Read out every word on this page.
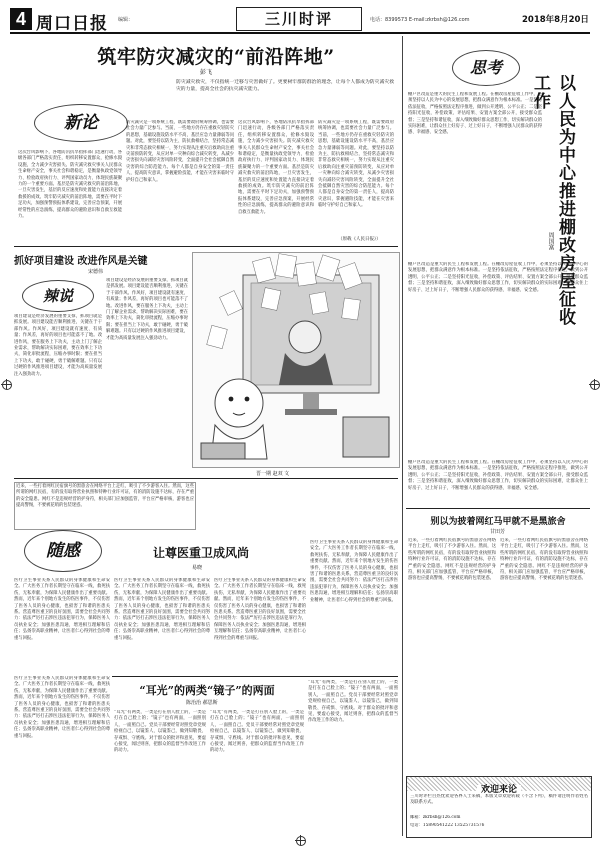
4 周口日报 编辑：	三川时评	电话：8399573 E-mail:zkrbsh@126.com	2018年8月20日
筑牢防灾减灾的“前沿阵地”
彭飞
防灾减灾救灾，不仅指统一迁移与灾害做好了。更要树牢群防群治的理念，让每个人都成为防灾减灾救灾的力量，提高全社会的抗灾减灾能力。
新论
这次台风影响下，各地防汛抗旱指挥部门迅速行动，各级各部门严格落实责任，组织转移安置群众，抢修水毁设施，全力减少灾害损失。防灾减灾救灾事关人民群众生命财产安全，事关社会和谐稳定，是衡量执政党领导力、检验政府执行力、评判国家动员力、体现民族凝聚力的一个重要方面。基层是防灾减灾救灾的前沿阵地，一旦灾害发生，基层的反应速度和处置能力直接决定着救援的成效。筑牢防灾减灾的前沿阵地，需要在平时下足功夫，加强预警预报体系建设，完善应急预案，开展经常性的应急演练，提高群众的避险意识和自救互救能力。
防灾减灾是一项系统工程，既需要政府统筹协调，也需要社会力量广泛参与。当前，一些地方仍存在重救灾轻防灾的思想，基础设施设防水平不高，基层应急力量薄弱等问题。对此，要坚持以防为主、防抗救相结合，坚持常态减灾和非常态救灾相统一，努力实现从注重灾后救助向注重灾前预防转变，从应对单一灾种向综合减灾转变，从减少灾害损失向减轻灾害风险转变，全面提升全社会抵御自然灾害的综合防范能力。每个人都是自身安全的第一责任人，提高防灾意识，掌握避险技能，才能在灾害来临时守护好自己和家人。
这次台风影响下，各地防汛抗旱指挥部门迅速行动，各级各部门严格落实责任，组织转移安置群众，抢修水毁设施，全力减少灾害损失。防灾减灾救灾事关人民群众生命财产安全，事关社会和谐稳定，是衡量执政党领导力、检验政府执行力、评判国家动员力、体现民族凝聚力的一个重要方面。基层是防灾减灾救灾的前沿阵地，一旦灾害发生，基层的反应速度和处置能力直接决定着救援的成效。筑牢防灾减灾的前沿阵地，需要在平时下足功夫，加强预警预报体系建设，完善应急预案，开展经常性的应急演练，提高群众的避险意识和自救互救能力。
防灾减灾是一项系统工程，既需要政府统筹协调，也需要社会力量广泛参与。当前，一些地方仍存在重救灾轻防灾的思想，基础设施设防水平不高，基层应急力量薄弱等问题。对此，要坚持以防为主、防抗救相结合，坚持常态减灾和非常态救灾相统一，努力实现从注重灾后救助向注重灾前预防转变，从应对单一灾种向综合减灾转变，从减少灾害损失向减轻灾害风险转变，全面提升全社会抵御自然灾害的综合防范能力。每个人都是自身安全的第一责任人，提高防灾意识，掌握避险技能，才能在灾害来临时守护好自己和家人。
（原载《人民日报》）
抓好项目建设 改进作风是关键
宋德伟
辣说
项目建设是经济发展的重要支撑，抓项目就是抓发展。项目建设能否顺利推进，关键在于干部作风。作风好，项目建设就有速度、有质量；作风差，再好的项目也可能落不了地。改进作风，要在服务上下功夫，主动上门了解企业需求，帮助解决实际困难，要在效率上下功夫，简化审批流程，压缩办事时限；要在担当上下功夫，敢于碰硬，勇于破解难题。只有以过硬的作风推进项目建设，才能为高质量发展注入强劲动力。
项目建设是经济发展的重要支撑，抓项目就是抓发展。项目建设能否顺利推进，关键在于干部作风。作风好，项目建设就有速度、有质量；作风差，再好的项目也可能落不了地。改进作风，要在服务上下功夫，主动上门了解企业需求，帮助解决实际困难，要在效率上下功夫，简化审批流程，压缩办事时限；要在担当上下功夫，敢于碰硬，勇于破解难题。只有以过硬的作风推进项目建设，才能为高质量发展注入强劲动力。
晋一期 赵双 文
近来，一些打着网红民宿旗号的黑旅舍在网络平台上走红，吸引了不少游客入住。然而，这些所谓的网红民宿，有的没有取得营业执照和特种行业许可证，有的消防设施不达标，存在严重的安全隐患。网红不是违规经营的护身符，相关部门应加强监管，平台应严格审核，游客也应提高警惕，不要被花哨的包装迷惑。
随感	让尊医重卫成风尚
易晓
医疗卫生事业关系人民群众的身体健康和生命安全。广大医务工作者长期坚守在临床一线，救死扶伤，无私奉献，为保障人民健康作出了重要贡献。然而，近年来个别地方发生的伤医事件，不仅伤害了医务人员的身心健康，也损害了和谐的医患关系。营造尊医重卫的良好氛围，需要全社会共同努力：依法严厉打击涉医违法犯罪行为，保障医务人员执业安全；加强医患沟通，增进相互理解和信任；弘扬崇高职业精神，让医者仁心得到社会的尊重与回报。
医疗卫生事业关系人民群众的身体健康和生命安全。广大医务工作者长期坚守在临床一线，救死扶伤，无私奉献，为保障人民健康作出了重要贡献。然而，近年来个别地方发生的伤医事件，不仅伤害了医务人员的身心健康，也损害了和谐的医患关系。营造尊医重卫的良好氛围，需要全社会共同努力：依法严厉打击涉医违法犯罪行为，保障医务人员执业安全；加强医患沟通，增进相互理解和信任；弘扬崇高职业精神，让医者仁心得到社会的尊重与回报。
医疗卫生事业关系人民群众的身体健康和生命安全。广大医务工作者长期坚守在临床一线，救死扶伤，无私奉献，为保障人民健康作出了重要贡献。然而，近年来个别地方发生的伤医事件，不仅伤害了医务人员的身心健康，也损害了和谐的医患关系。营造尊医重卫的良好氛围，需要全社会共同努力：依法严厉打击涉医违法犯罪行为，保障医务人员执业安全；加强医患沟通，增进相互理解和信任；弘扬崇高职业精神，让医者仁心得到社会的尊重与回报。
医疗卫生事业关系人民群众的身体健康和生命安全。广大医务工作者长期坚守在临床一线，救死扶伤，无私奉献，为保障人民健康作出了重要贡献。然而，近年来个别地方发生的伤医事件，不仅伤害了医务人员的身心健康，也损害了和谐的医患关系。营造尊医重卫的良好氛围，需要全社会共同努力：依法严厉打击涉医违法犯罪行为，保障医务人员执业安全；加强医患沟通，增进相互理解和信任；弘扬崇高职业精神，让医者仁心得到社会的尊重与回报。
医疗卫生事业关系人民群众的身体健康和生命安全。广大医务工作者长期坚守在临床一线，救死扶伤，无私奉献，为保障人民健康作出了重要贡献。然而，近年来个别地方发生的伤医事件，不仅伤害了医务人员的身心健康，也损害了和谐的医患关系。营造尊医重卫的良好氛围，需要全社会共同努力：依法严厉打击涉医违法犯罪行为，保障医务人员执业安全；加强医患沟通，增进相互理解和信任；弘扬崇高职业精神，让医者仁心得到社会的尊重与回报。
“耳光”的两类“镜子”的两面
陈治治 郝思斯
“耳光”有两类，一类是打在别人脸上的，一类是打在自己脸上的；“镜子”也有两面，一面照别人，一面照自己。党员干部要经常对照党章党规检视自己，以镜鉴人、以镜鉴己，做到知敬畏、存戒惧、守底线。对于群众的批评和意见，要虚心接受，闻过则喜，把群众的监督当作改进工作的动力。
“耳光”有两类，一类是打在别人脸上的，一类是打在自己脸上的；“镜子”也有两面，一面照别人，一面照自己。党员干部要经常对照党章党规检视自己，以镜鉴人、以镜鉴己，做到知敬畏、存戒惧、守底线。对于群众的批评和意见，要虚心接受，闻过则喜，把群众的监督当作改进工作的动力。
“耳光”有两类，一类是打在别人脸上的，一类是打在自己脸上的；“镜子”也有两面，一面照别人，一面照自己。党员干部要经常对照党章党规检视自己，以镜鉴人、以镜鉴己，做到知敬畏、存戒惧、守底线。对于群众的批评和意见，要虚心接受，闻过则喜，把群众的监督当作改进工作的动力。
思考
以人民为中心推进棚改房屋征收工作
周国富
棚户区改造是重大的民生工程和发展工程。在棚改房屋征收工作中，必须坚持以人民为中心的发展思想，把群众满意作为根本标准。一是坚持依法征收，严格按照法定程序推进，做到公开透明、公平公正；二是坚持阳光征收，补偿政策、评估结果、安置方案全部公开，接受群众监督；三是坚持和谐征收，深入细致做好群众思想工作，切实解决群众的实际困难，让群众住上好房子、过上好日子，不断增强人民群众的获得感、幸福感、安全感。
棚户区改造是重大的民生工程和发展工程。在棚改房屋征收工作中，必须坚持以人民为中心的发展思想，把群众满意作为根本标准。一是坚持依法征收，严格按照法定程序推进，做到公开透明、公平公正；二是坚持阳光征收，补偿政策、评估结果、安置方案全部公开，接受群众监督；三是坚持和谐征收，深入细致做好群众思想工作，切实解决群众的实际困难，让群众住上好房子、过上好日子，不断增强人民群众的获得感、幸福感、安全感。
棚户区改造是重大的民生工程和发展工程。在棚改房屋征收工作中，必须坚持以人民为中心的发展思想，把群众满意作为根本标准。一是坚持依法征收，严格按照法定程序推进，做到公开透明、公平公正；二是坚持阳光征收，补偿政策、评估结果、安置方案全部公开，接受群众监督；三是坚持和谐征收，深入细致做好群众思想工作，切实解决群众的实际困难，让群众住上好房子、过上好日子，不断增强人民群众的获得感、幸福感、安全感。
别以为披着网红马甲就不是黑旅舍
甘田芳
近来，一些打着网红民宿旗号的黑旅舍在网络平台上走红，吸引了不少游客入住。然而，这些所谓的网红民宿，有的没有取得营业执照和特种行业许可证，有的消防设施不达标，存在严重的安全隐患。网红不是违规经营的护身符，相关部门应加强监管，平台应严格审核，游客也应提高警惕，不要被花哨的包装迷惑。
近来，一些打着网红民宿旗号的黑旅舍在网络平台上走红，吸引了不少游客入住。然而，这些所谓的网红民宿，有的没有取得营业执照和特种行业许可证，有的消防设施不达标，存在严重的安全隐患。网红不是违规经营的护身符，相关部门应加强监管，平台应严格审核，游客也应提高警惕，不要被花哨的包装迷惑。
欢迎来论
三川时评栏目热忱欢迎各界人士来稿，本版文章欢迎转载（不含下列），稿件请注明作者姓名及联系方式。
邮箱：zkrbsh@126.com
电话：15890541222 13525731576
